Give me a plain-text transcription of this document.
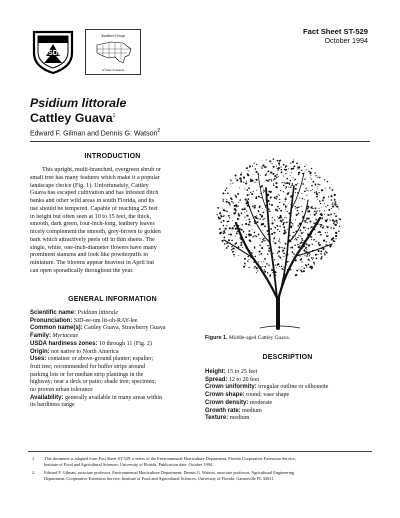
USDA
Southern Group
of State Foresters
Fact Sheet ST-529
October 1994
Psidium littorale
Cattley Guava$^1$
Edward F. Gilman and Dennis G. Watson$^2$
INTRODUCTION
This upright, multi-branched, evergreen shrub or
small tree has many features which make it a popular
landscape choice (Fig. 1). Unfortunately, Cattley
Guava has escaped cultivation and has infested ditch
banks and other wild areas in south Florida, and its
use should be tempered. Capable of reaching 25 feet
in height but often seen at 10 to 15 feet, the thick,
smooth, dark green, four-inch-long, leathery leaves
nicely complement the smooth, grey-brown to golden
bark which attractively peels off in thin sheets. The
single, white, one-inch-diameter flowers have many
prominent stamens and look like powderpuffs in
miniature. The blooms appear heaviest in April but
can open sporadically throughout the year.
GENERAL INFORMATION
Scientific name: Psidium littorale
Pronunciation: SID-ee-um lit-oh-RAY-lee
Common name(s): Cattley Guava, Strawberry Guava
Family: Myrtaceae
USDA hardiness zones: 10 through 11 (Fig. 2)
Origin: not native to North America
Uses: container or above-ground planter; espalier;
fruit tree; recommended for buffer strips around
parking lots or for median strip plantings in the
highway; near a deck or patio; shade tree; specimen;
no proven urban tolerance
Availability: generally available in many areas within
its hardiness range
Figure 1. Middle-aged Cattley Guava.
DESCRIPTION
Height: 15 to 25 feet
Spread: 12 to 20 feet
Crown uniformity: irregular outline or silhouette
Crown shape: round; vase shape
Crown density: moderate
Growth rate: medium
Texture: medium
1.	This document is adapted from Fact Sheet ST-529, a series of the Environmental Horticulture Department, Florida Cooperative Extension Service,
Institute of Food and Agricultural Sciences, University of Florida. Publication date: October 1994.
2.	Edward F. Gilman, associate professor, Environmental Horticulture Department; Dennis G. Watson, associate professor, Agricultural Engineering
Department, Cooperative Extension Service, Institute of Food and Agricultural Sciences, University of Florida, Gainesville FL 32611.
